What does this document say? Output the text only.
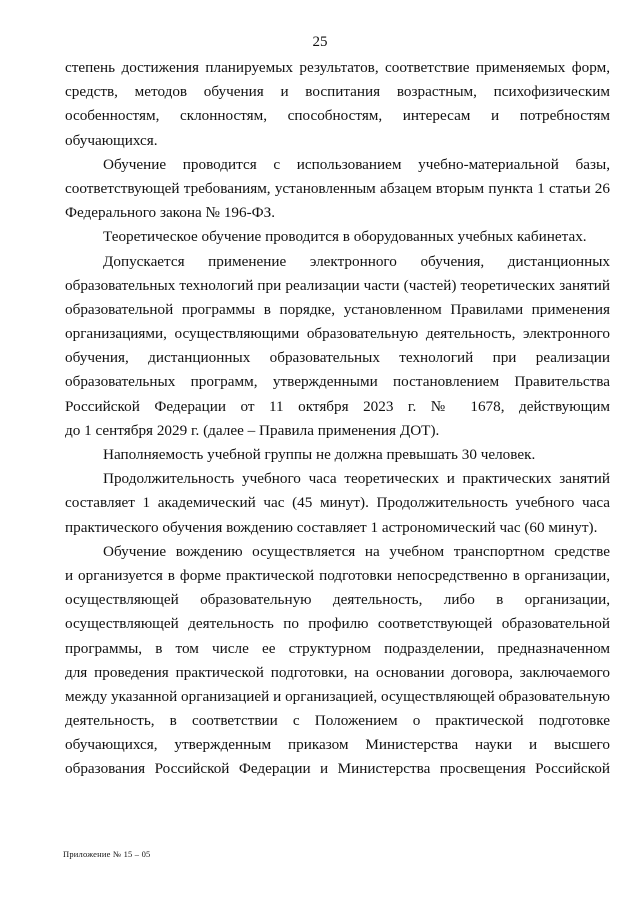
25
степень достижения планируемых результатов, соответствие применяемых форм,
средств, методов обучения и воспитания возрастным, психофизическим
особенностям, склонностям, способностям, интересам и потребностям
обучающихся.
Обучение проводится с использованием учебно-материальной базы,
соответствующей требованиям, установленным абзацем вторым пункта 1 статьи 26
Федерального закона № 196-ФЗ.
Теоретическое обучение проводится в оборудованных учебных кабинетах.
Допускается применение электронного обучения, дистанционных
образовательных технологий при реализации части (частей) теоретических занятий
образовательной программы в порядке, установленном Правилами применения
организациями, осуществляющими образовательную деятельность, электронного
обучения, дистанционных образовательных технологий при реализации
образовательных программ, утвержденными постановлением Правительства
Российской Федерации от 11 октября 2023 г. № 1678, действующим
до 1 сентября 2029 г. (далее – Правила применения ДОТ).
Наполняемость учебной группы не должна превышать 30 человек.
Продолжительность учебного часа теоретических и практических занятий
составляет 1 академический час (45 минут). Продолжительность учебного часа
практического обучения вождению составляет 1 астрономический час (60 минут).
Обучение вождению осуществляется на учебном транспортном средстве
и организуется в форме практической подготовки непосредственно в организации,
осуществляющей образовательную деятельность, либо в организации,
осуществляющей деятельность по профилю соответствующей образовательной
программы, в том числе ее структурном подразделении, предназначенном
для проведения практической подготовки, на основании договора, заключаемого
между указанной организацией и организацией, осуществляющей образовательную
деятельность, в соответствии с Положением о практической подготовке
обучающихся, утвержденным приказом Министерства науки и высшего
образования Российской Федерации и Министерства просвещения Российской
Приложение № 15 – 05
